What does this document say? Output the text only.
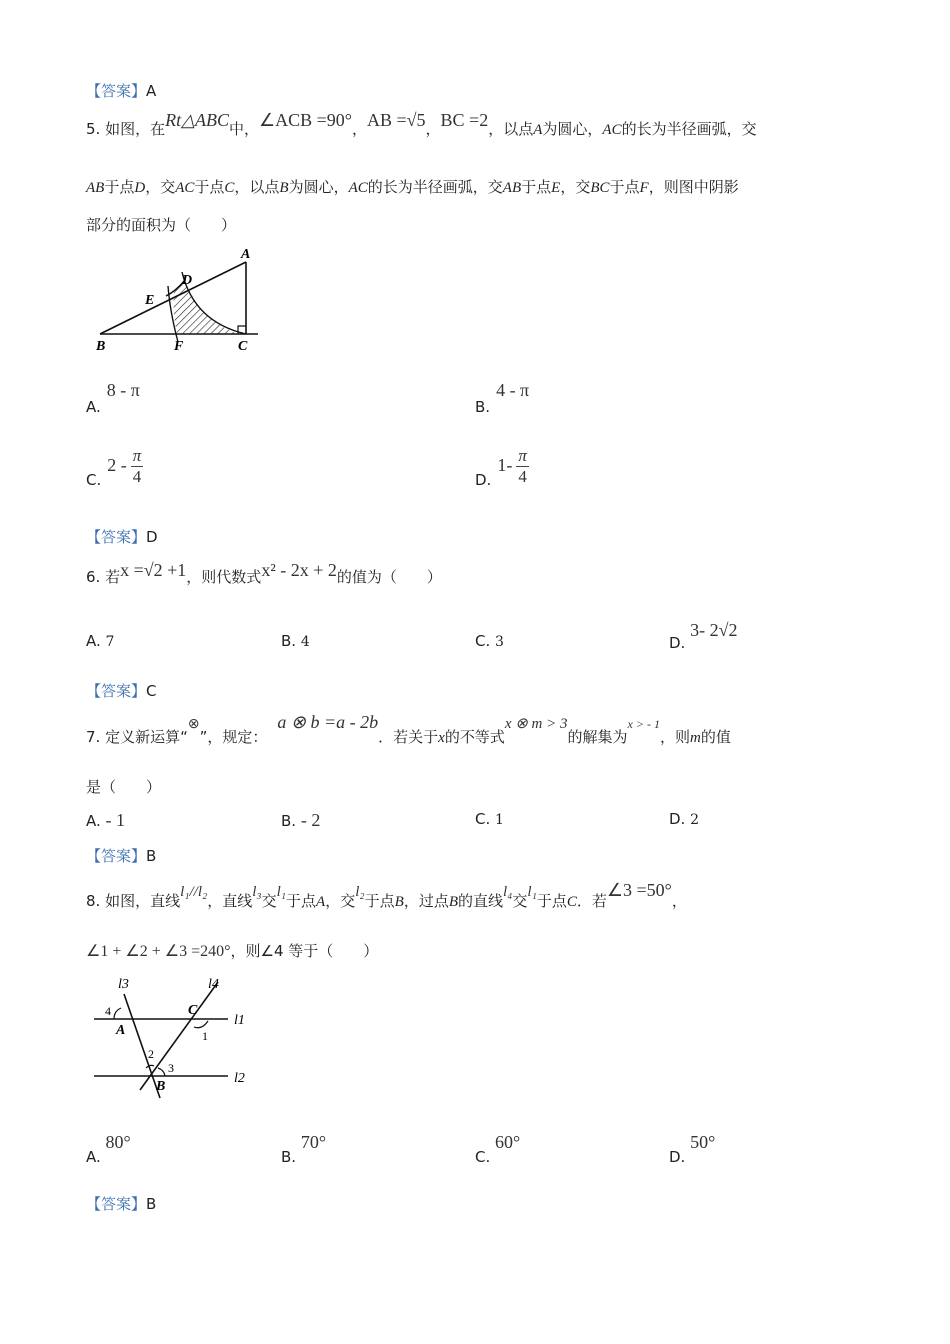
【答案】A
5. 如图，在Rt△ABC中，∠ACB =90°，AB =√5，BC =2，以点A为圆心，AC的长为半径画弧，交
AB于点D，交AC于点C，以点B为圆心，AC的长为半径画弧，交AB于点E，交BC于点F，则图中阴影
部分的面积为（　　）
A
D
E
B	F	C
A.8 - π
B.4 - π
$C.2 - \frac{\pi}{4}$	$D.1- \frac{\pi}{4}$
【答案】D
6. 若x =√2 +1，则代数式x² - 2x + 2的值为（　　）
A. 7	B. 4	C. 3	D. 3- 2√2
【答案】C
7. 定义新运算“⊗”，规定：a ⊗ b =a - 2b．若关于x的不等式x ⊗ m > 3的解集为$^{x > - 1}$，则m的值
是（　　）
A. - 1	B. - 2	C. 1	D. 2
【答案】B
8. 如图，直线l₁//l₂，直线l₃交l₁于点A，交l₂于点B，过点B的直线l₄交l₁于点C．若∠3 =50°，
∠1 + ∠2 + ∠3 =240°，则∠4 等于（　　）
l3	l4
l1
l2
4
A
C
1
2
3
B
A. 80°
B. 70°
C. 60°
D. 50°
【答案】B
